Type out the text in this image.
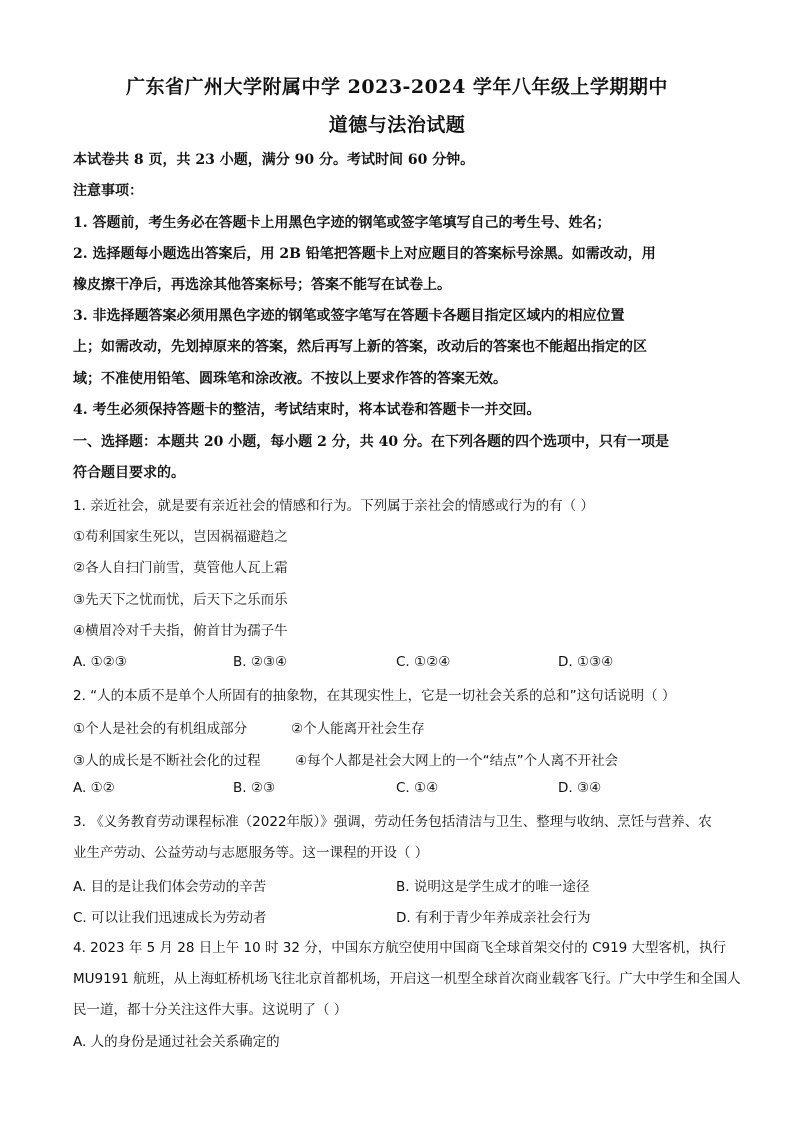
广东省广州大学附属中学 2023-2024 学年八年级上学期期中
道德与法治试题
本试卷共 8 页，共 23 小题，满分 90 分。考试时间 60 分钟。
注意事项：
1. 答题前，考生务必在答题卡上用黑色字迹的钢笔或签字笔填写自己的考生号、姓名；
2. 选择题每小题选出答案后，用 2B 铅笔把答题卡上对应题目的答案标号涂黑。如需改动，用
橡皮擦干净后，再选涂其他答案标号；答案不能写在试卷上。
3. 非选择题答案必须用黑色字迹的钢笔或签字笔写在答题卡各题目指定区域内的相应位置
上；如需改动，先划掉原来的答案，然后再写上新的答案，改动后的答案也不能超出指定的区
域；不准使用铅笔、圆珠笔和涂改液。不按以上要求作答的答案无效。
4. 考生必须保持答题卡的整洁，考试结束时，将本试卷和答题卡一并交回。
一、选择题：本题共 20 小题，每小题 2 分，共 40 分。在下列各题的四个选项中，只有一项是
符合题目要求的。
1. 亲近社会，就是要有亲近社会的情感和行为。下列属于亲社会的情感或行为的有（ ）
①苟利国家生死以，岂因祸福避趋之
②各人自扫门前雪，莫管他人瓦上霜
③先天下之忧而忧，后天下之乐而乐
④横眉冷对千夫指，俯首甘为孺子牛
A. ①②③	B. ②③④	C. ①②④	D. ①③④
2. “人的本质不是单个人所固有的抽象物，在其现实性上，它是一切社会关系的总和”这句话说明（ ）
①个人是社会的有机组成部分	②个人能离开社会生存
③人的成长是不断社会化的过程	④每个人都是社会大网上的一个“结点”个人离不开社会
A. ①②	B. ②③	C. ①④	D. ③④
3. 《义务教育劳动课程标准（2022年版）》强调，劳动任务包括清洁与卫生、整理与收纳、烹饪与营养、农
业生产劳动、公益劳动与志愿服务等。这一课程的开设（ ）
A. 目的是让我们体会劳动的辛苦	B. 说明这是学生成才的唯一途径
C. 可以让我们迅速成长为劳动者	D. 有利于青少年养成亲社会行为
4. 2023 年 5 月 28 日上午 10 时 32 分，中国东方航空使用中国商飞全球首架交付的 C919 大型客机，执行
MU9191 航班，从上海虹桥机场飞往北京首都机场，开启这一机型全球首次商业载客飞行。广大中学生和全国人
民一道，都十分关注这件大事。这说明了（ ）
A. 人的身份是通过社会关系确定的
